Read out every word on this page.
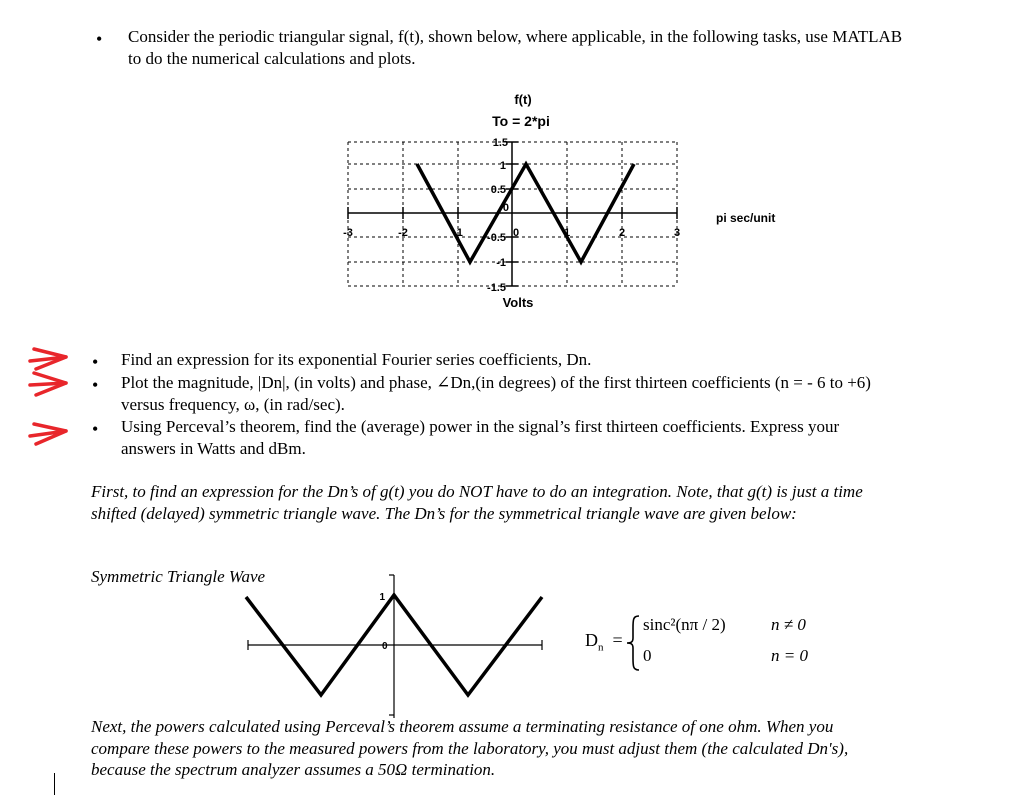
• Consider the periodic triangular signal, f(t), shown below, where applicable, in the following tasks, use MATLAB to do the numerical calculations and plots.
f(t)
To = 2*pi
1.5
1
0.5
0
-0.5
-1
-1.5
-3	-2	-1	0	1	2	3
pi sec/unit
Volts
• Find an expression for its exponential Fourier series coefficients, Dn.
• Plot the magnitude, |Dn|, (in volts) and phase, ∠Dn,(in degrees) of the first thirteen coefficients (n = - 6 to +6) versus frequency, ω, (in rad/sec).
• Using Perceval’s theorem, find the (average) power in the signal’s first thirteen coefficients. Express your answers in Watts and dBm.
First, to find an expression for the Dn’s of g(t) you do NOT have to do an integration. Note, that g(t) is just a time shifted (delayed) symmetric triangle wave. The Dn’s for the symmetrical triangle wave are given below:
Symmetric Triangle Wave
1
0	$D_n$  =
sinc²(nπ / 2)	n ≠ 0
0	n = 0
Next, the powers calculated using Perceval’s theorem assume a terminating resistance of one ohm. When you compare these powers to the measured powers from the laboratory, you must adjust them (the calculated Dn's), because the spectrum analyzer assumes a 50Ω termination.
